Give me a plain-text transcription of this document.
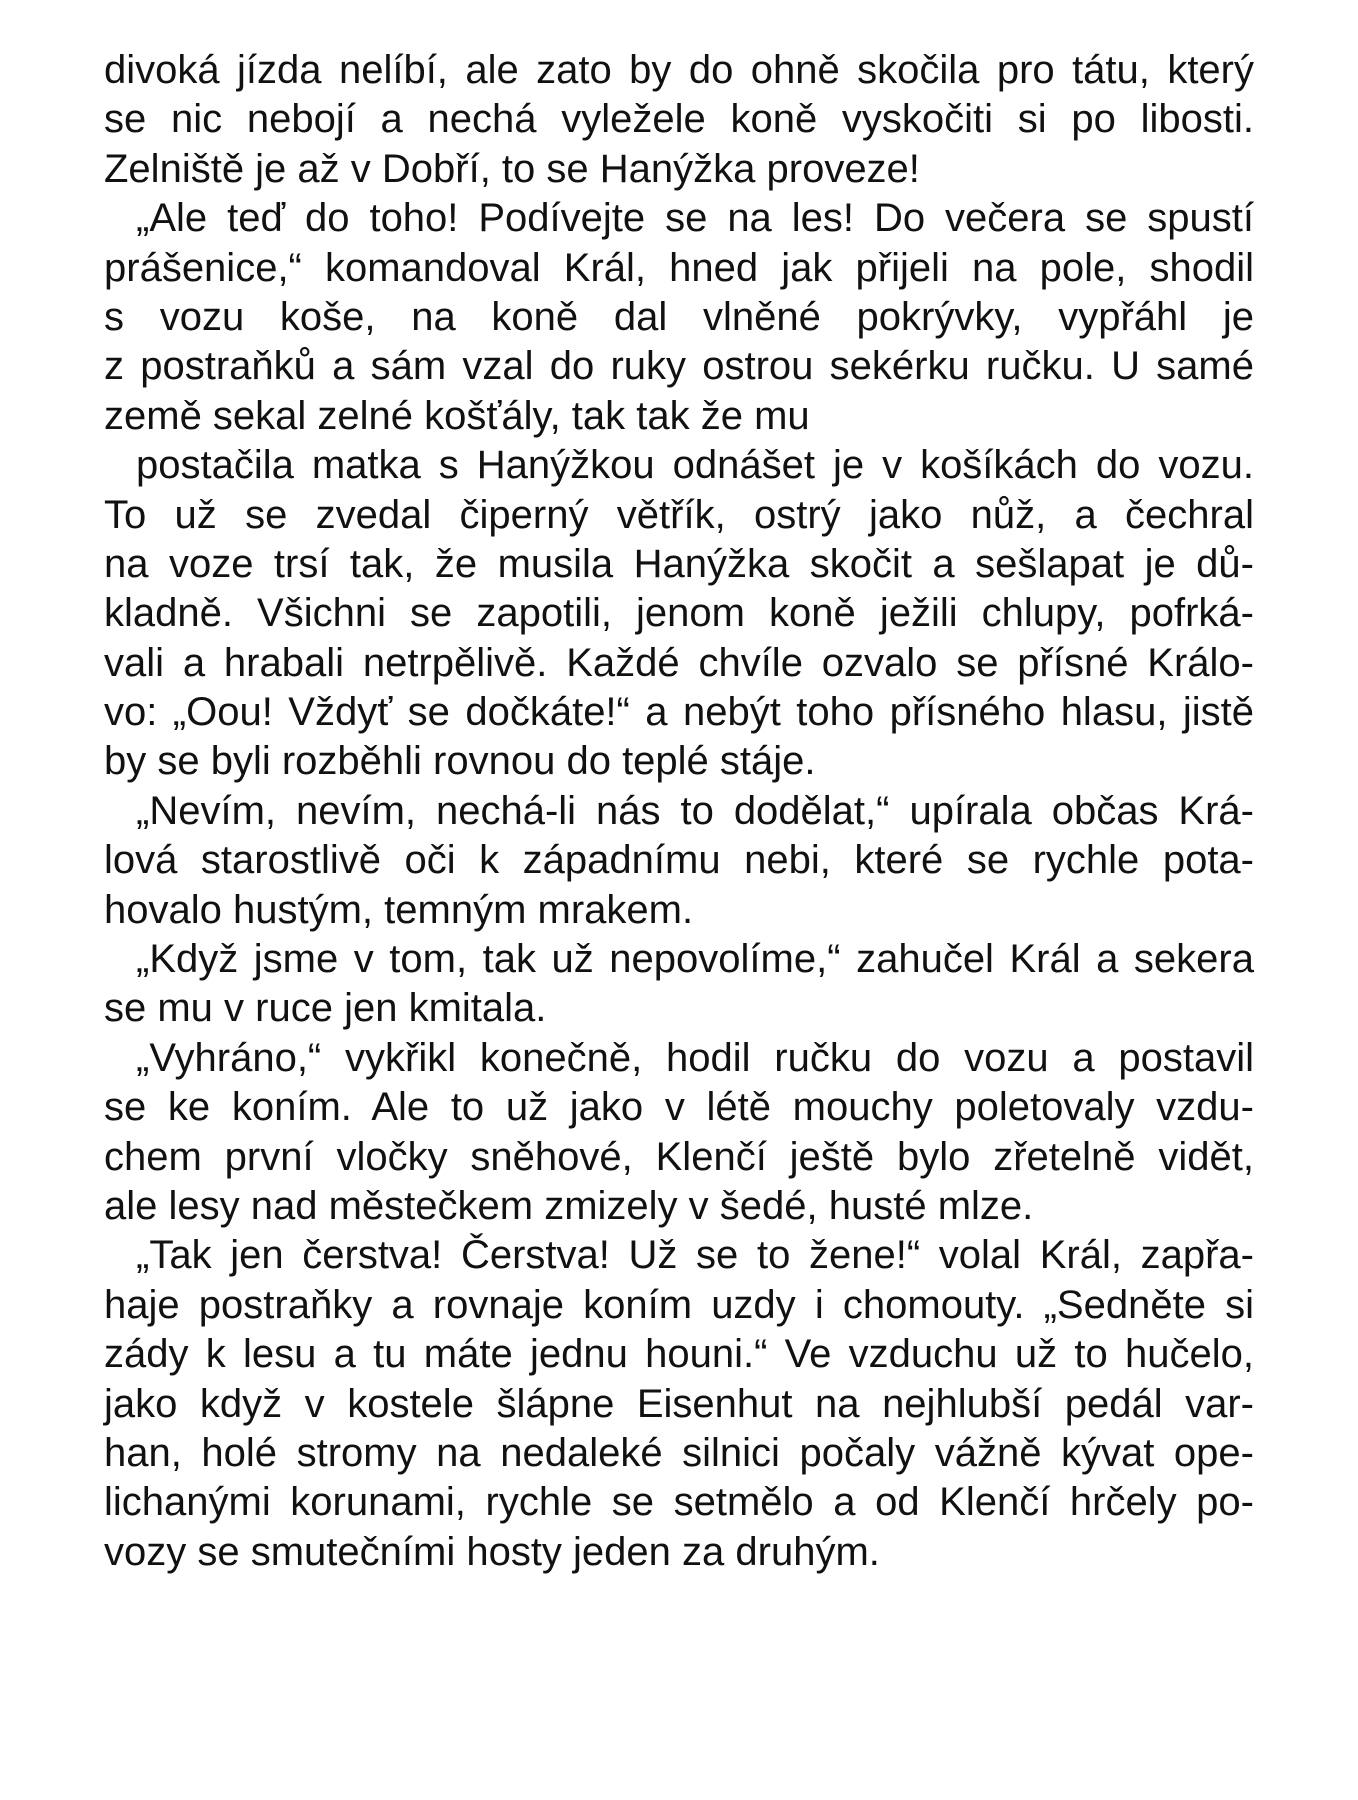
divoká jízda nelíbí, ale zato by do ohně skočila pro tátu, který
se nic nebojí a nechá vyležele koně vyskočiti si po libosti.
Zelniště je až v Dobří, to se Hanýžka proveze!
„Ale teď do toho! Podívejte se na les! Do večera se spustí
prášenice,“ komandoval Král, hned jak přijeli na pole, shodil
s vozu koše, na koně dal vlněné pokrývky, vypřáhl je
z postraňků a sám vzal do ruky ostrou sekérku ručku. U samé
země sekal zelné košťály, tak tak že mu
postačila matka s Hanýžkou odnášet je v košíkách do vozu.
To už se zvedal čiperný větřík, ostrý jako nůž, a čechral
na voze trsí tak, že musila Hanýžka skočit a sešlapat je dů-
kladně. Všichni se zapotili, jenom koně ježili chlupy, pofrká-
vali a hrabali netrpělivě. Každé chvíle ozvalo se přísné Králo-
vo: „Oou! Vždyť se dočkáte!“ a nebýt toho přísného hlasu, jistě
by se byli rozběhli rovnou do teplé stáje.
„Nevím, nevím, nechá-li nás to dodělat,“ upírala občas Krá-
lová starostlivě oči k západnímu nebi, které se rychle pota-
hovalo hustým, temným mrakem.
„Když jsme v tom, tak už nepovolíme,“ zahučel Král a sekera
se mu v ruce jen kmitala.
„Vyhráno,“ vykřikl konečně, hodil ručku do vozu a postavil
se ke koním. Ale to už jako v létě mouchy poletovaly vzdu-
chem první vločky sněhové, Klenčí ještě bylo zřetelně vidět,
ale lesy nad městečkem zmizely v šedé, husté mlze.
„Tak jen čerstva! Čerstva! Už se to žene!“ volal Král, zapřa-
haje postraňky a rovnaje koním uzdy i chomouty. „Sedněte si
zády k lesu a tu máte jednu houni.“ Ve vzduchu už to hučelo,
jako když v kostele šlápne Eisenhut na nejhlubší pedál var-
han, holé stromy na nedaleké silnici počaly vážně kývat ope-
lichanými korunami, rychle se setmělo a od Klenčí hrčely po-
vozy se smutečními hosty jeden za druhým.
